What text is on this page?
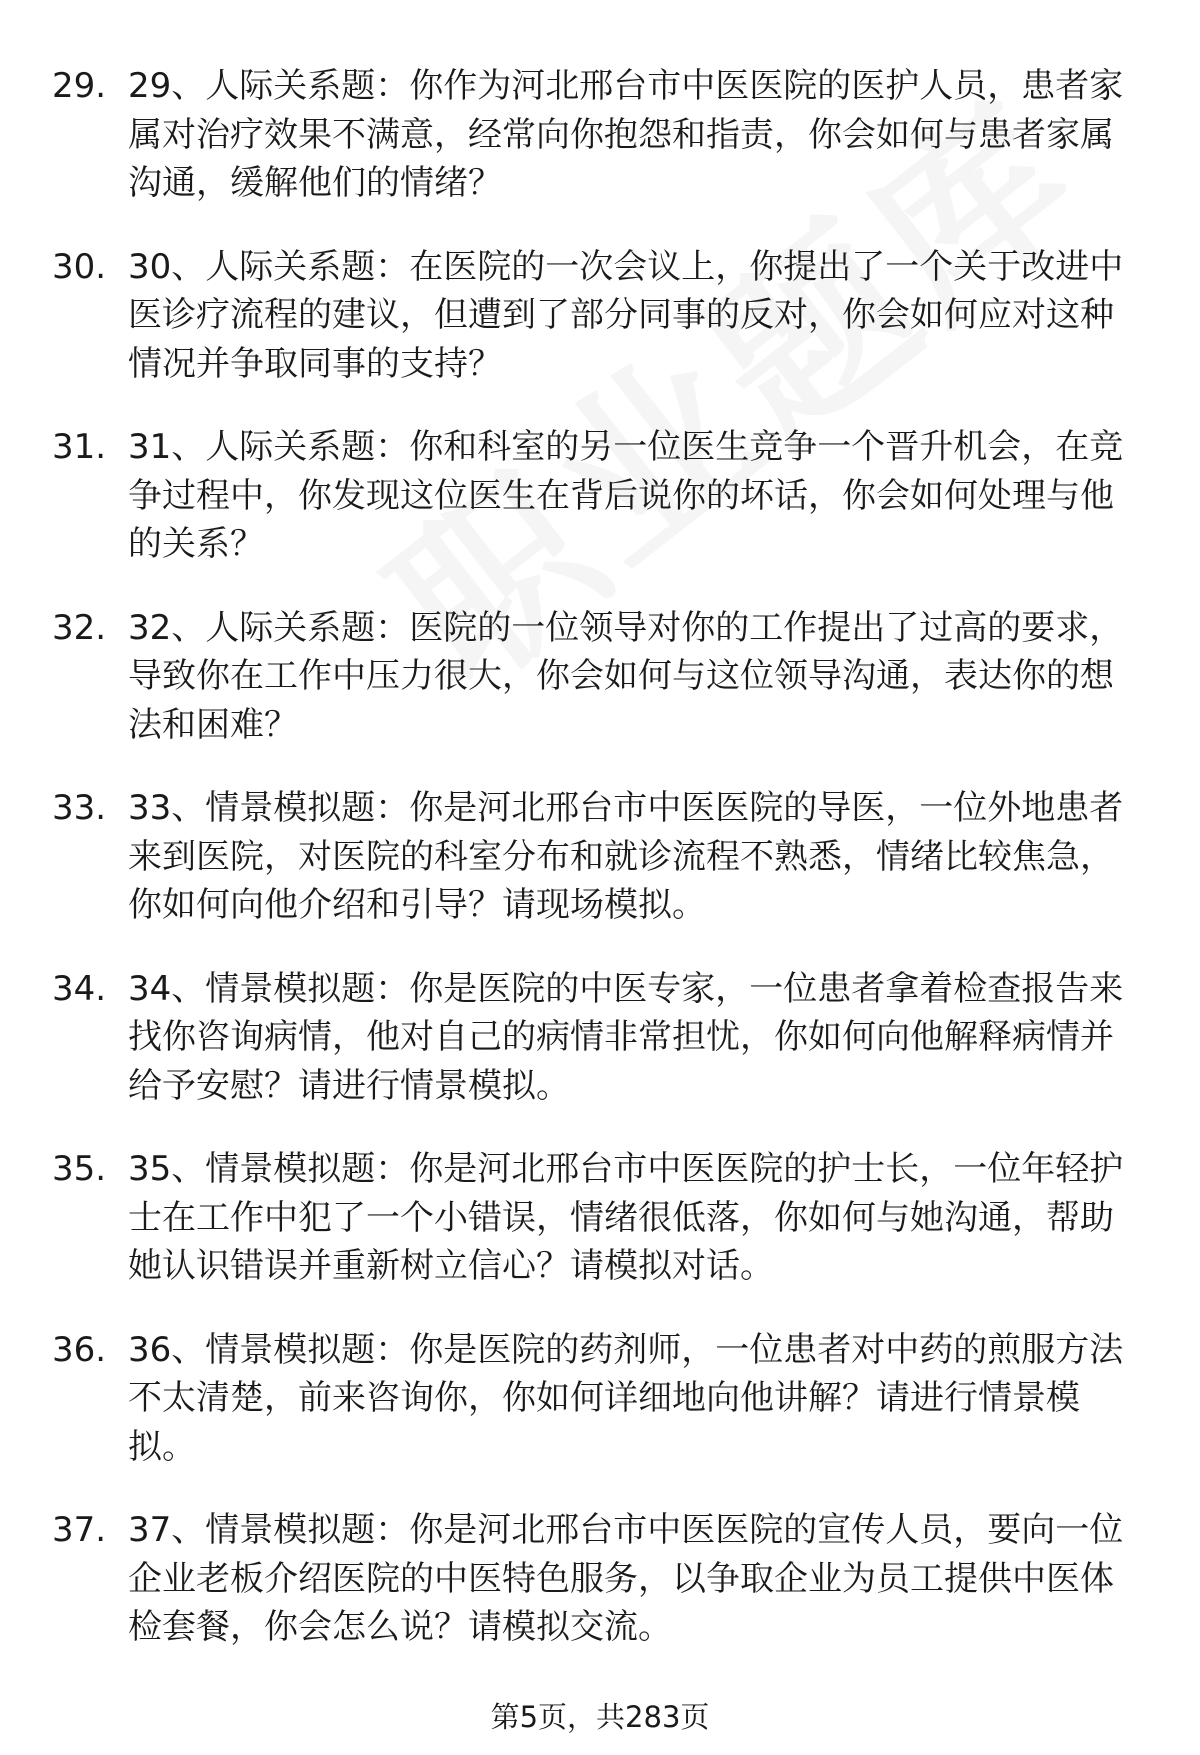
29. 29、人际关系题：你作为河北邢台市中医医院的医护人员，患者家属对治疗效果不满意，经常向你抱怨和指责，你会如何与患者家属沟通，缓解他们的情绪？
30. 30、人际关系题：在医院的一次会议上，你提出了一个关于改进中医诊疗流程的建议，但遭到了部分同事的反对，你会如何应对这种情况并争取同事的支持？
31. 31、人际关系题：你和科室的另一位医生竞争一个晋升机会，在竞争过程中，你发现这位医生在背后说你的坏话，你会如何处理与他的关系？
32. 32、人际关系题：医院的一位领导对你的工作提出了过高的要求，导致你在工作中压力很大，你会如何与这位领导沟通，表达你的想法和困难？
33. 33、情景模拟题：你是河北邢台市中医医院的导医，一位外地患者来到医院，对医院的科室分布和就诊流程不熟悉，情绪比较焦急，你如何向他介绍和引导？请现场模拟。
34. 34、情景模拟题：你是医院的中医专家，一位患者拿着检查报告来找你咨询病情，他对自己的病情非常担忧，你如何向他解释病情并给予安慰？请进行情景模拟。
35. 35、情景模拟题：你是河北邢台市中医医院的护士长，一位年轻护士在工作中犯了一个小错误，情绪很低落，你如何与她沟通，帮助她认识错误并重新树立信心？请模拟对话。
36. 36、情景模拟题：你是医院的药剂师，一位患者对中药的煎服方法不太清楚，前来咨询你，你如何详细地向他讲解？请进行情景模拟。
37. 37、情景模拟题：你是河北邢台市中医医院的宣传人员，要向一位企业老板介绍医院的中医特色服务，以争取企业为员工提供中医体检套餐，你会怎么说？请模拟交流。
第5页，共283页
